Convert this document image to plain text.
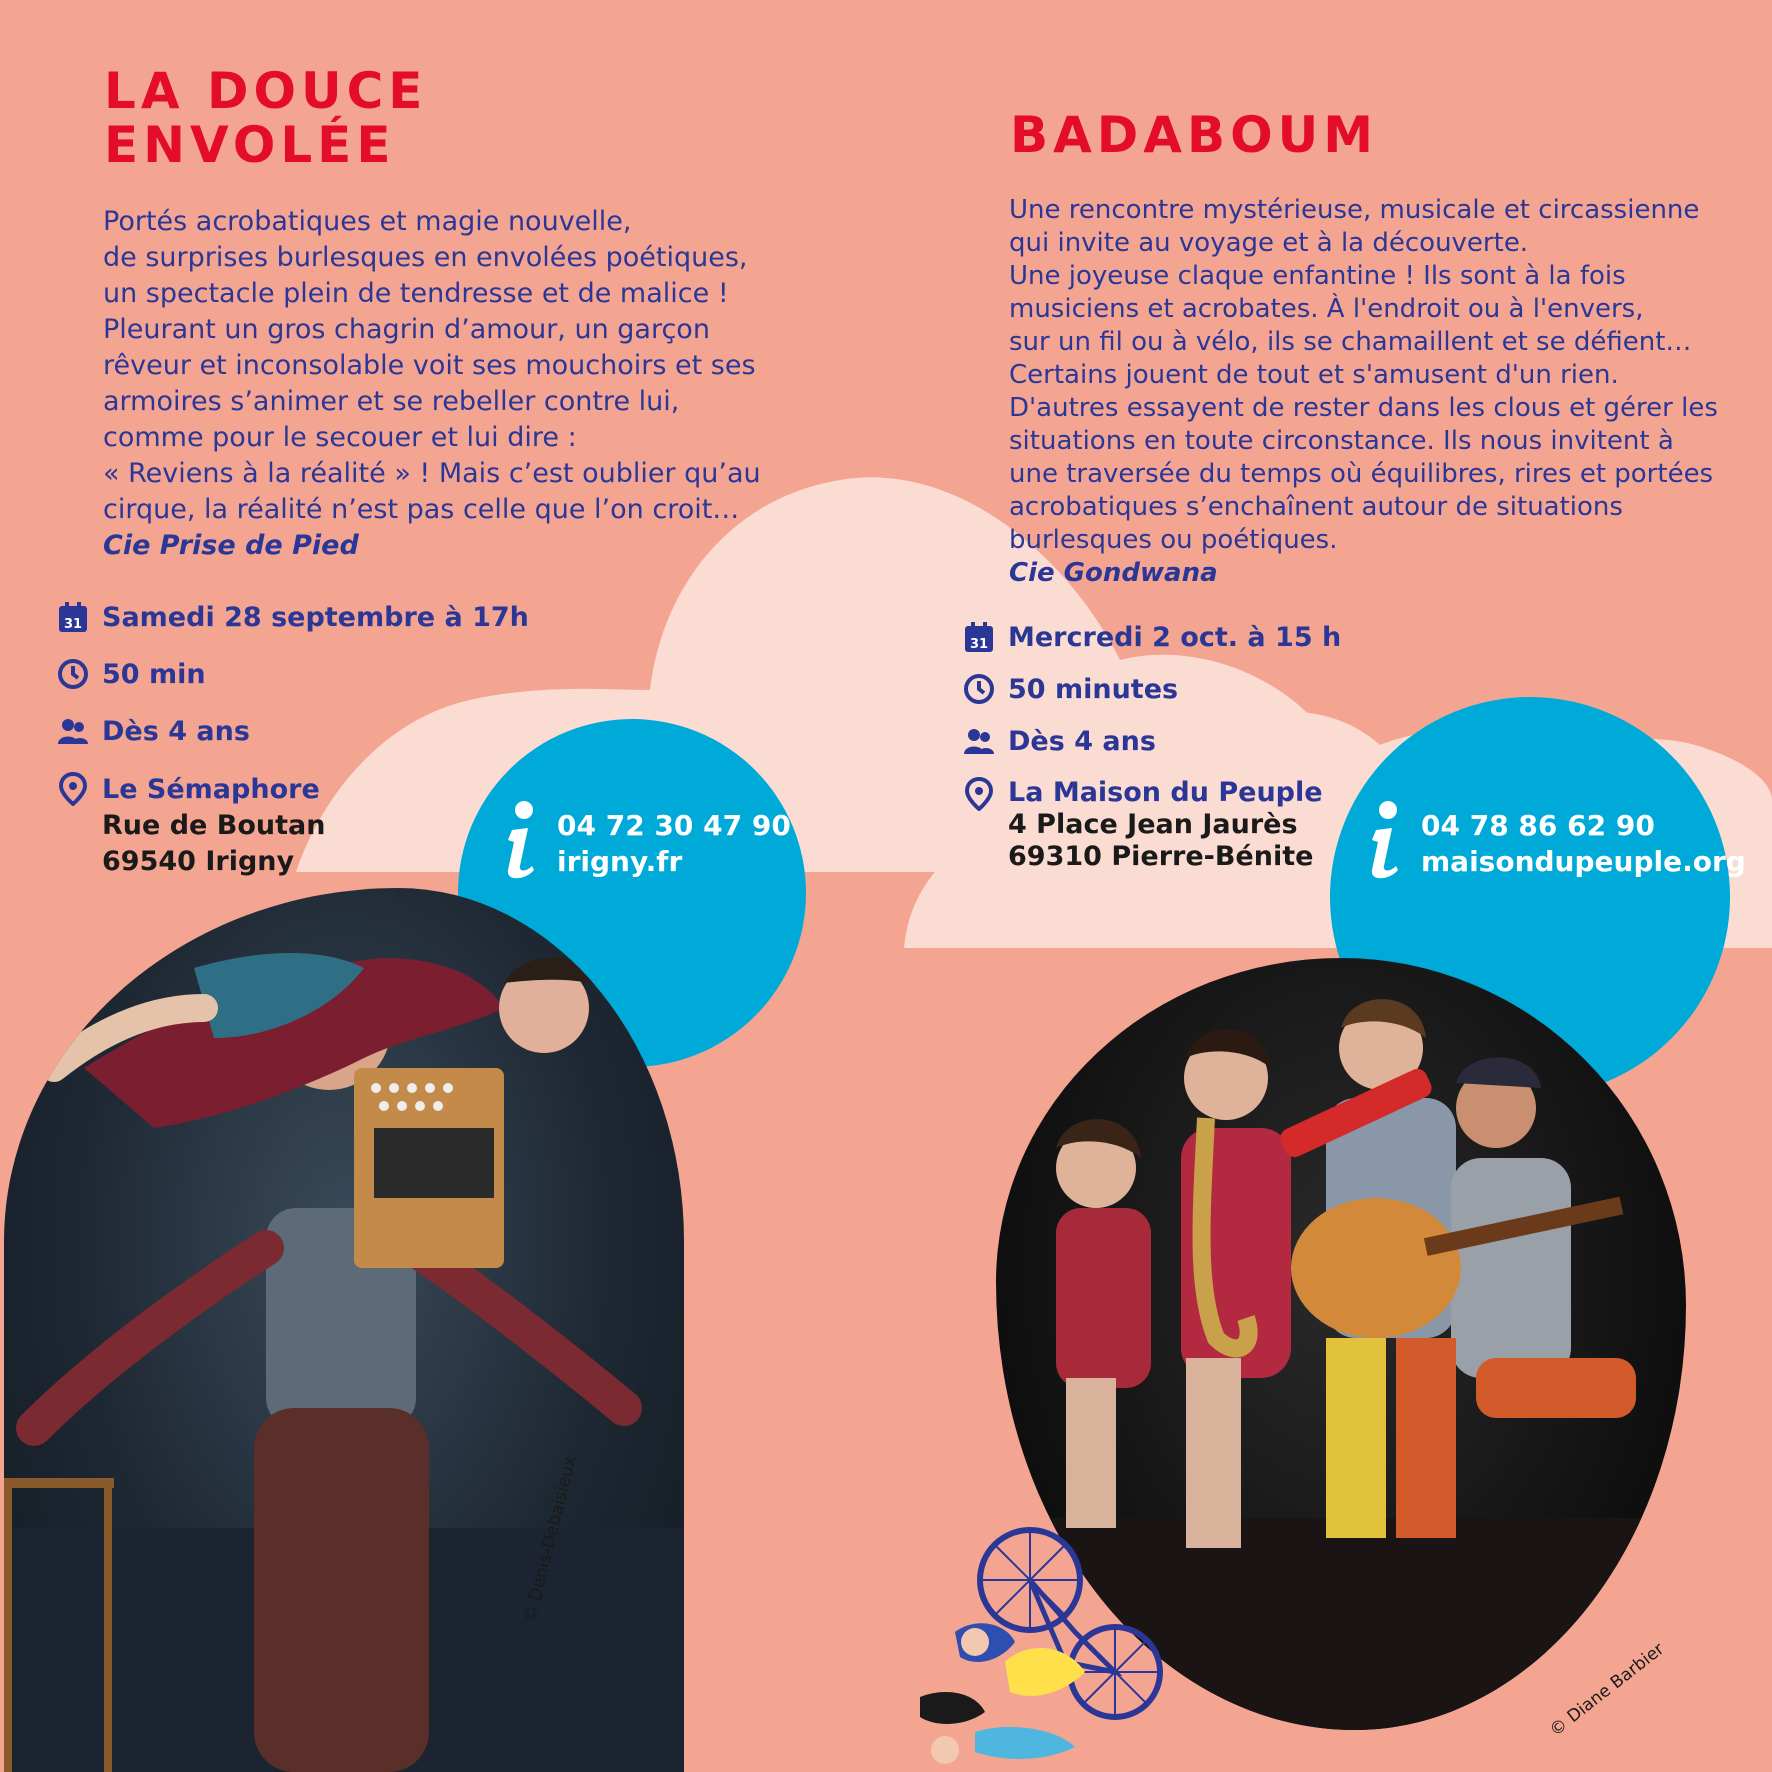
© Denis-Debaisieux
© Diane Barbier
LA DOUCE
ENVOLÉE
Portés acrobatiques et magie nouvelle,
de surprises burlesques en envolées poétiques,
un spectacle plein de tendresse et de malice !
Pleurant un gros chagrin d’amour, un garçon
rêveur et inconsolable voit ses mouchoirs et ses
armoires s’animer et se rebeller contre lui,
comme pour le secouer et lui dire :
« Reviens à la réalité » ! Mais c’est oublier qu’au
cirque, la réalité n’est pas celle que l’on croit…
Cie Prise de Pied
31 Samedi 28 septembre à 17h
50 min
Dès 4 ans
Le Sémaphore
Rue de Boutan
69540 Irigny
04 72 30 47 90
irigny.fr
BADABOUM
Une rencontre mystérieuse, musicale et circassienne
qui invite au voyage et à la découverte.
Une joyeuse claque enfantine ! Ils sont à la fois
musiciens et acrobates. À l'endroit ou à l'envers,
sur un fil ou à vélo, ils se chamaillent et se défient…
Certains jouent de tout et s'amusent d'un rien.
D'autres essayent de rester dans les clous et gérer les
situations en toute circonstance. Ils nous invitent à
une traversée du temps où équilibres, rires et portées
acrobatiques s’enchaînent autour de situations
burlesques ou poétiques.
Cie Gondwana
31 Mercredi 2 oct. à 15 h
50 minutes
Dès 4 ans
La Maison du Peuple
4 Place Jean Jaurès
69310 Pierre-Bénite
04 78 86 62 90
maisondupeuple.org
